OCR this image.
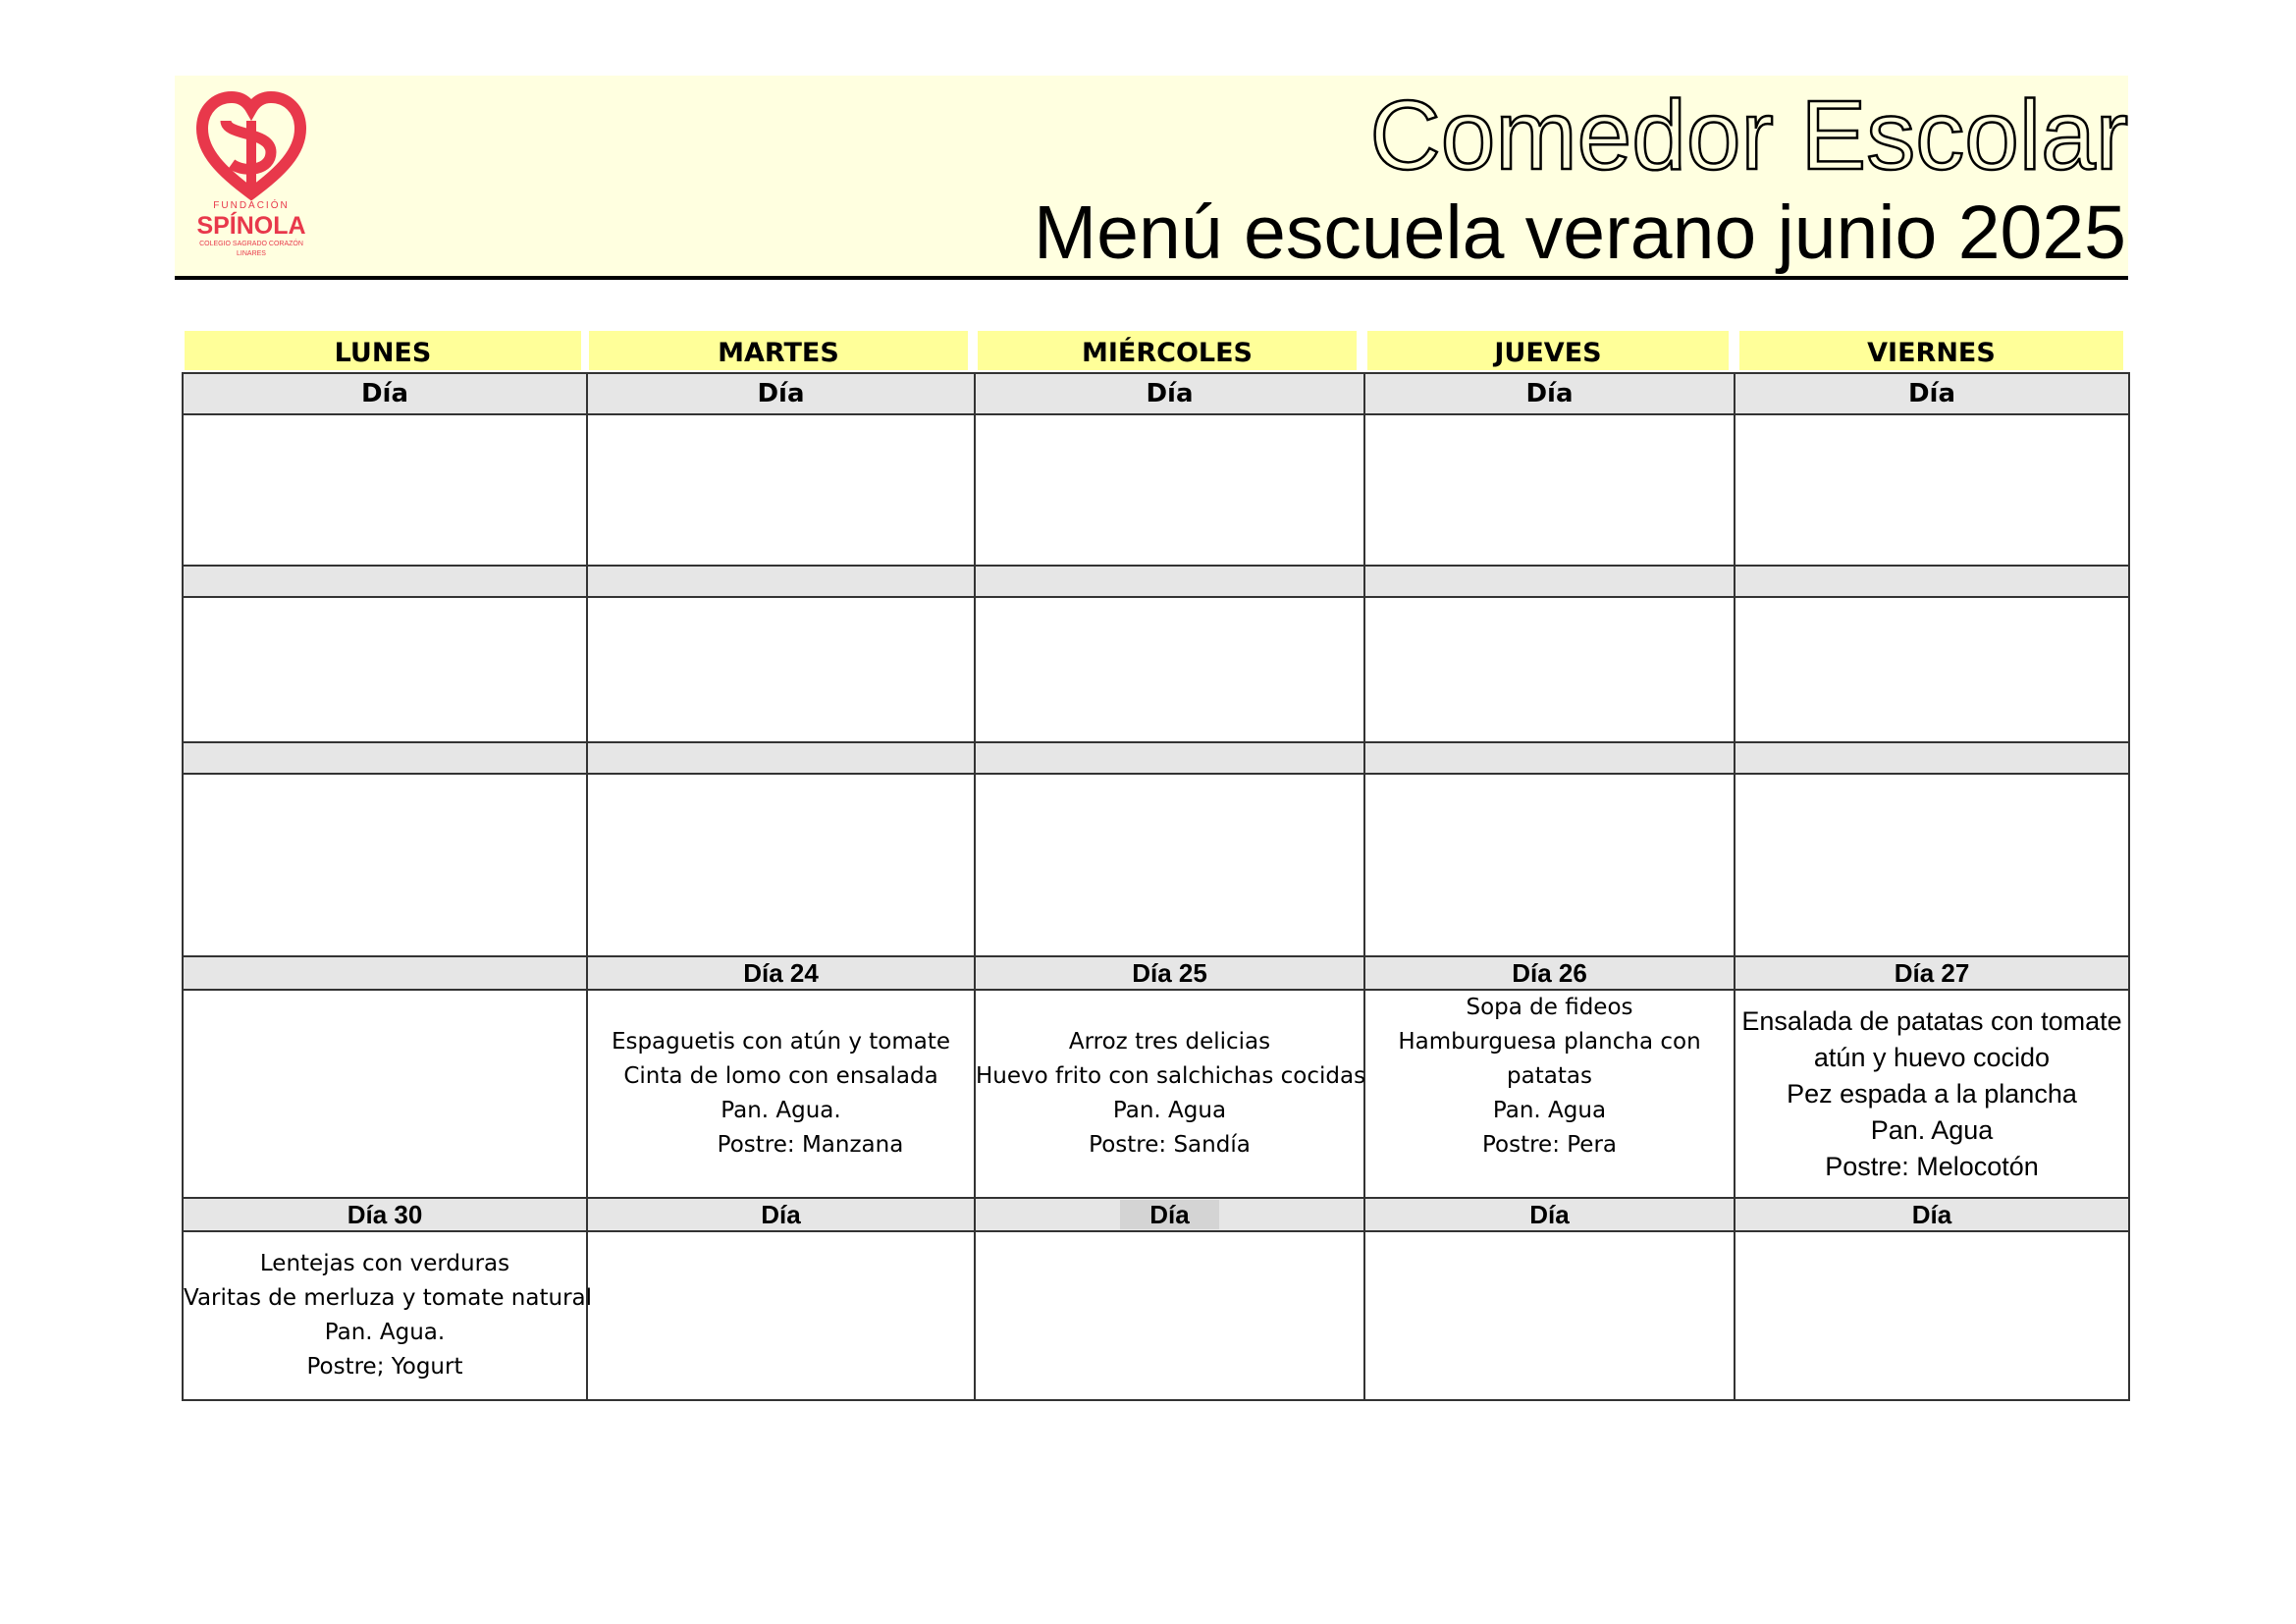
FUNDACIÓN
SPÍNOLA
COLEGIO SAGRADO CORAZÓN
LINARES
Comedor Escolar
Menú escuela verano junio 2025
LUNES	MARTES	MIÉRCOLES	JUEVES	VIERNES
Día	Día	Día	Día	Día

	Día 24	Día 25	Día 26	Día 27

	Espaguetis con atún y tomate
Cinta de lomo con ensalada
Pan. Agua.
Postre: Manzana	Arroz tres delicias
Huevo frito con salchichas cocidas
Pan. Agua
Postre: Sandía	Sopa de fideos
Hamburguesa plancha con
patatas
Pan. Agua
Postre: Pera	Ensalada de patatas con tomate
atún y huevo cocido
Pez espada a la plancha
Pan. Agua
Postre: Melocotón

Día 30	Día	Día	Día	Día

Lentejas con verduras
Varitas de merluza y tomate natural
Pan. Agua.
Postre; Yogurt				
